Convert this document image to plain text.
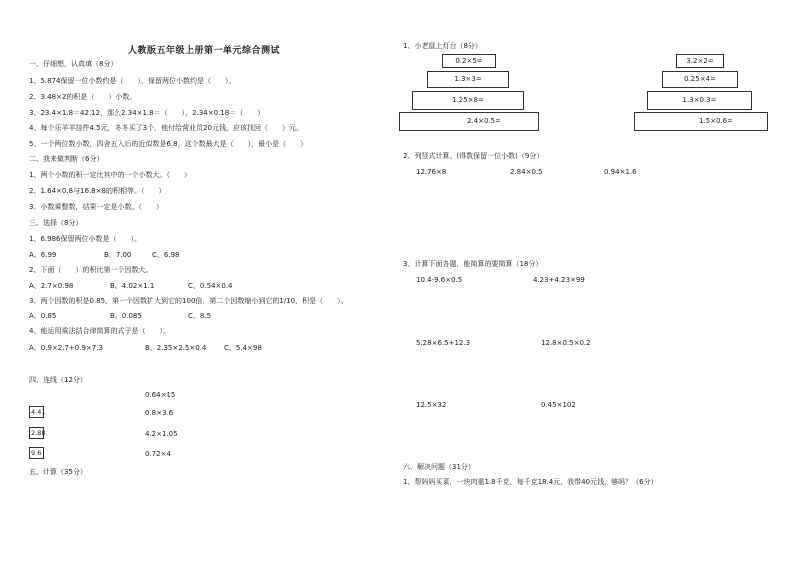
人教版五年级上册第一单元综合测试
一、仔细想，认真填（8分）
1、5.874保留一位小数约是（　　），保留两位小数约是（　　）。
2、3.48×2的积是（　　）小数。
3、23.4×1.8＝42.12，那么2.34×1.8＝（　　），2.34×0.18＝（　　）
4、每个乐羊羊挂件4.5元，冬冬买了3个，他付给营业员20元钱，应该找回（　　）元。
5、一个两位数小数，四舍五入后的近似数是6.8，这个数最大是（　　），最小是（　　）
二、我来做判断（6分）
1、两个小数的积一定比其中的一个小数大。（　　）
2、1.64×0.8与16.8×8的积相等。（　　）
3、小数乘整数，结果一定是小数。（　　）
三、选择（8分）
1、6.986保留两位小数是（　　）。
A、6.99	B、7.00	C、6.98
2、下面（　　）的积比第一个因数大。
A、2.7×0.98	B、4.02×1.1	C、0.54×0.4
3、两个因数的积是0.85，第一个因数扩大到它的100倍，第二个因数缩小到它的1/10，积是（　　）。
A、0.85	B、0.085	C、8.5
4、能运用乘法结合律简算的式子是（　　）。
A、0.9×2.7+0.9×7.3	B、2.35×2.5×0.4	C、5.4×98
四、连线（12分）
0.64×15
4.41	0.8×3.6
2.88	4.2×1.05
9.6	0.72×4
五、计算（35分）
1、小老鼠上灯台（8分）
0.2×5=
1.3×3=
1.25×8=
2.4×0.5=
3.2×2=
0.25×4=
1.3×0.3=
1.5×0.6=
2、列竖式计算。(得数保留一位小数)（9分）
12.76×8	2.84×0.5	0.94×1.6
3、计算下面各题，能简算的要简算（18分）
10.4-9.6×0.5	4.23+4.23×99
5.28×6.5+12.3	12.8×0.5×0.2
12.5×32	0.45×102
六、解决问题（31分）
1、帮妈妈买菜，一块肉重1.8千克，每千克18.4元，我带40元钱，够吗？（6分）
